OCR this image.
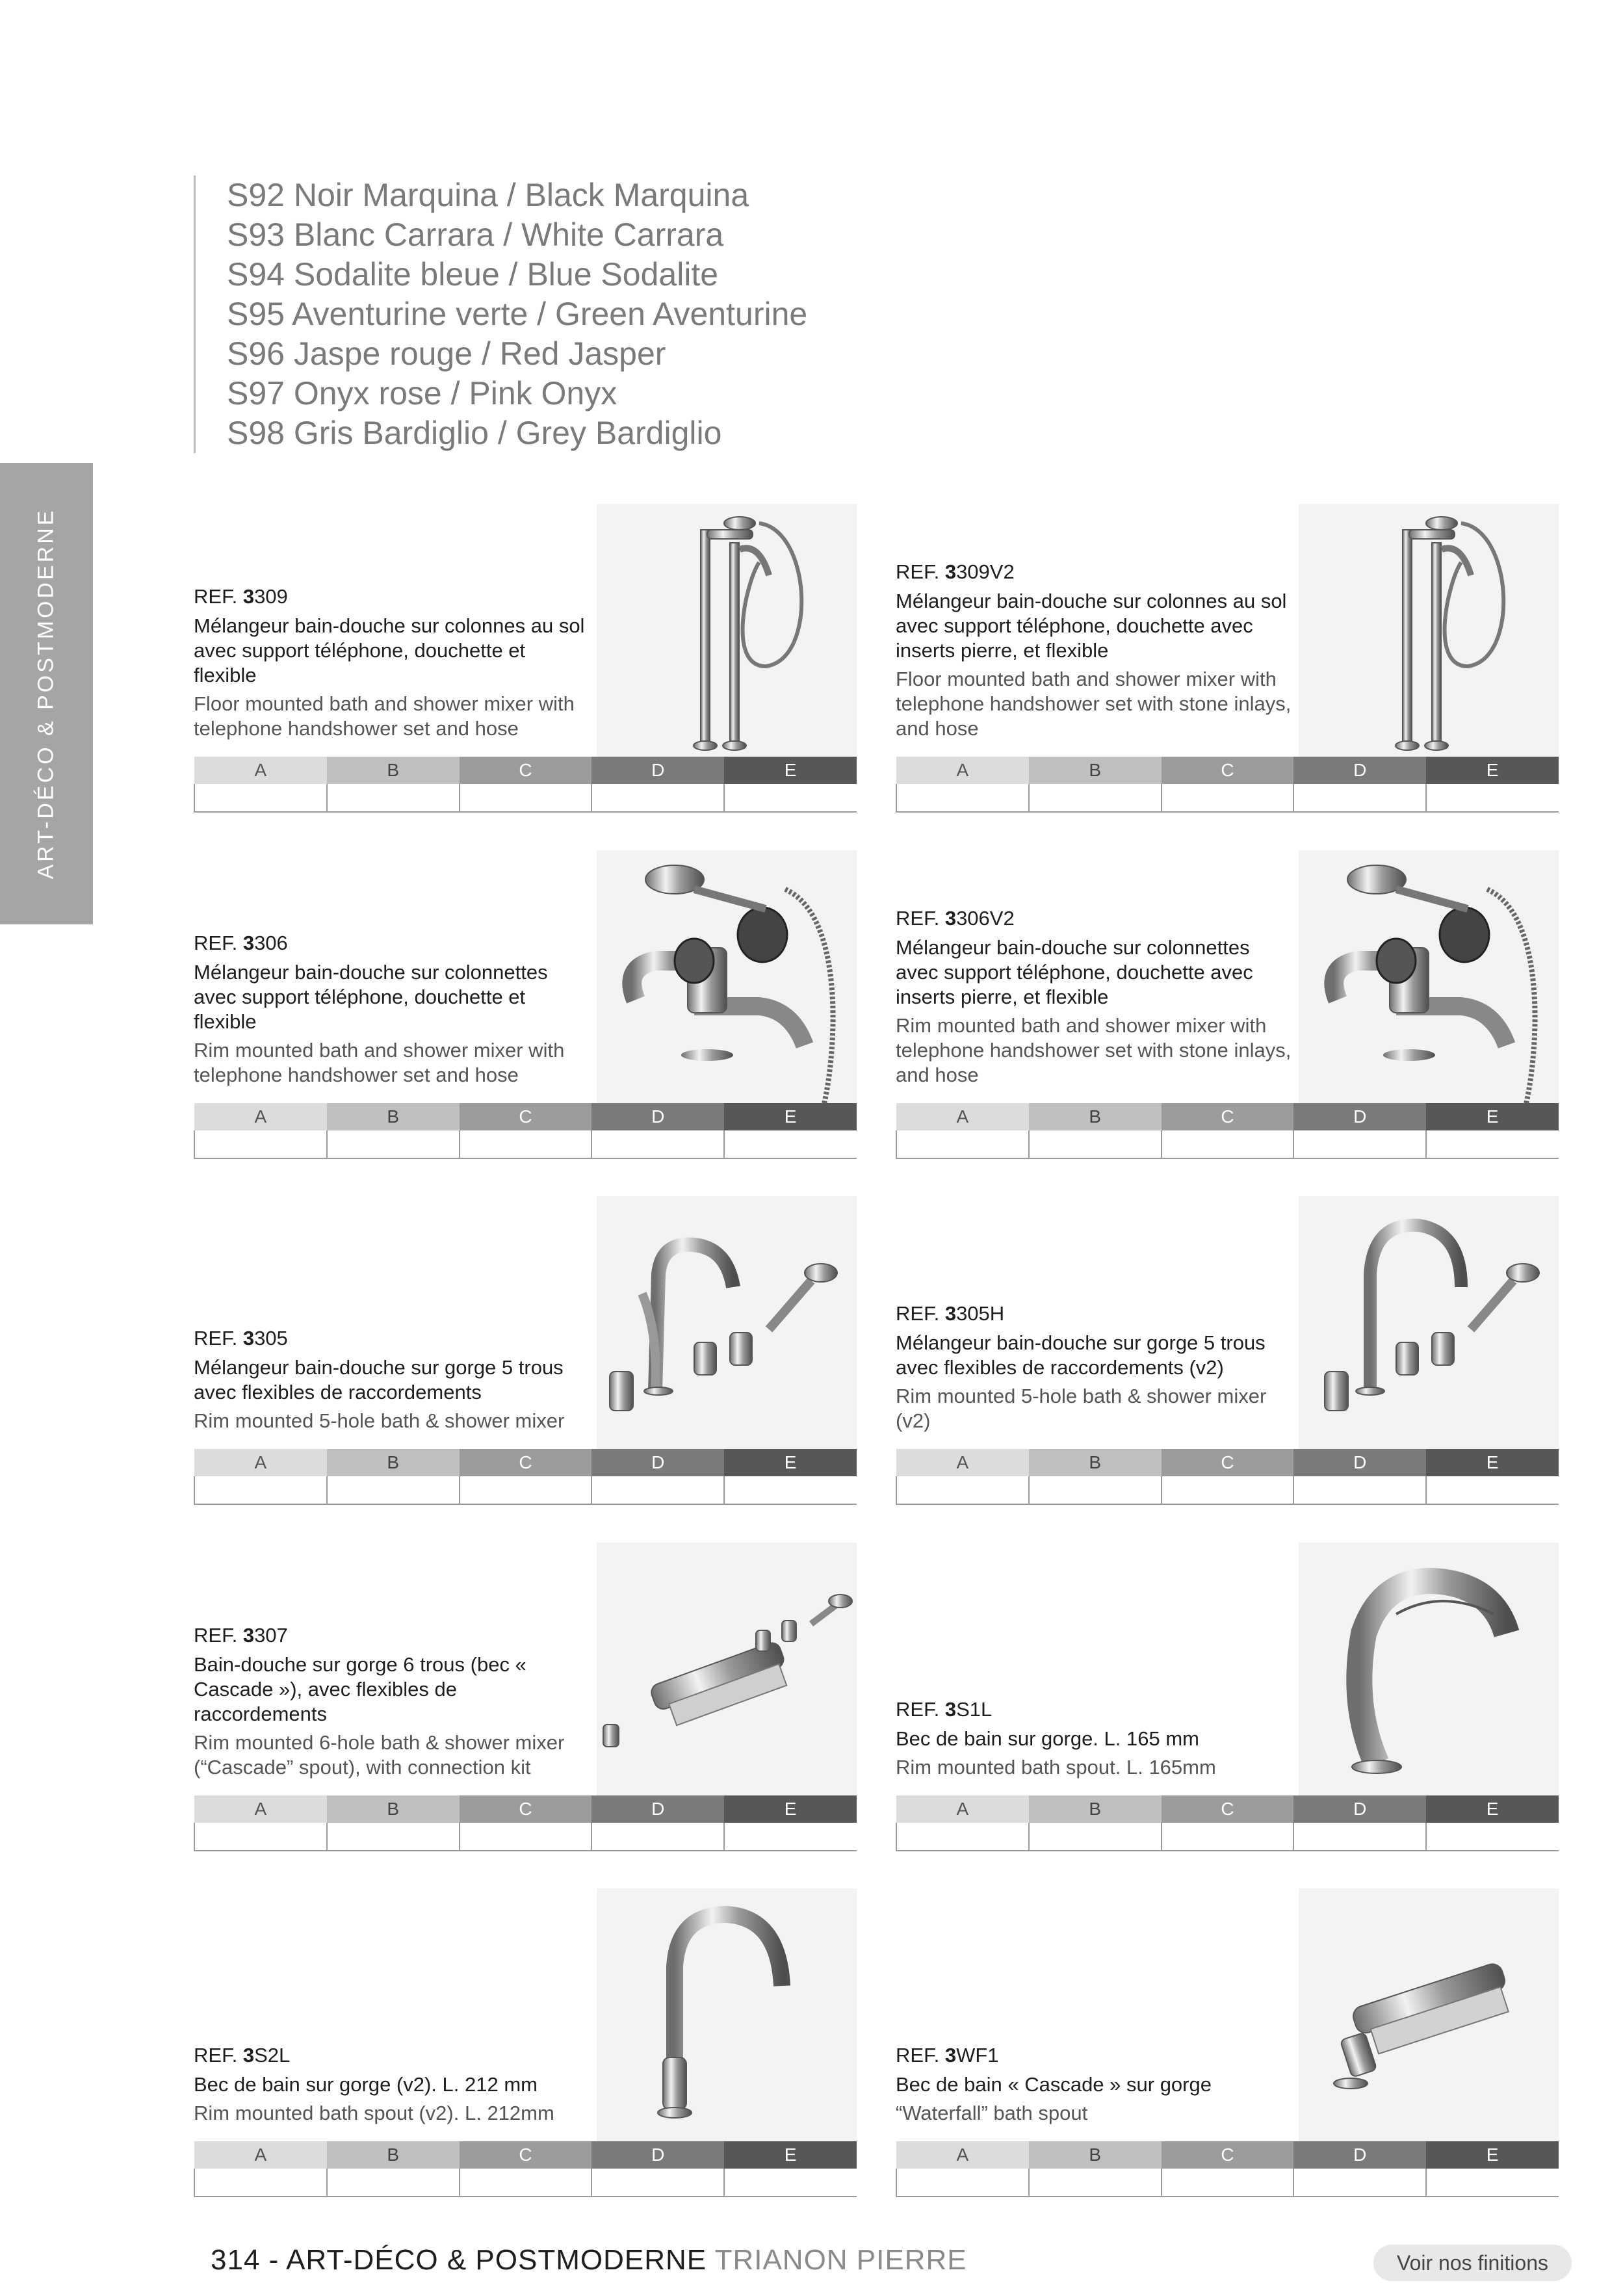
S92 Noir Marquina / Black Marquina
S93 Blanc Carrara / White Carrara
S94 Sodalite bleue / Blue Sodalite
S95 Aventurine verte / Green Aventurine
S96 Jaspe rouge / Red Jasper
S97 Onyx rose / Pink Onyx
S98 Gris Bardiglio / Grey Bardiglio
ART-DÉCO & POSTMODERNE	REF. 3309
Mélangeur bain-douche sur colonnes au sol avec support téléphone, douchette et flexible
Floor mounted bath and shower mixer with telephone handshower set and hose
A	B	C	D	E

REF. 3309V2
Mélangeur bain-douche sur colonnes au sol avec support téléphone, douchette avec inserts pierre, et flexible
Floor mounted bath and shower mixer with telephone handshower set with stone inlays, and hose
A	B	C	D	E

REF. 3306
Mélangeur bain-douche sur colonnettes avec support téléphone, douchette et flexible
Rim mounted bath and shower mixer with telephone handshower set and hose
A	B	C	D	E

REF. 3306V2
Mélangeur bain-douche sur colonnettes avec support téléphone, douchette avec inserts pierre, et flexible
Rim mounted bath and shower mixer with telephone handshower set with stone inlays, and hose
A	B	C	D	E

REF. 3305
Mélangeur bain-douche sur gorge 5 trous avec flexibles de raccordements
Rim mounted 5-hole bath & shower mixer
A	B	C	D	E

REF. 3305H
Mélangeur bain-douche sur gorge 5 trous avec flexibles de raccordements (v2)
Rim mounted 5-hole bath & shower mixer (v2)
A	B	C	D	E

REF. 3307
Bain-douche sur gorge 6 trous (bec « Cascade »), avec flexibles de raccordements
Rim mounted 6-hole bath & shower mixer (“Cascade” spout), with connection kit
A	B	C	D	E

REF. 3S1L
Bec de bain sur gorge. L. 165 mm
Rim mounted bath spout. L. 165mm
A	B	C	D	E

REF. 3S2L
Bec de bain sur gorge (v2). L. 212 mm
Rim mounted bath spout (v2). L. 212mm
A	B	C	D	E

REF. 3WF1
Bec de bain « Cascade » sur gorge
“Waterfall” bath spout
A	B	C	D	E

314 - ART-DÉCO & POSTMODERNE TRIANON PIERRE	Voir nos finitions
